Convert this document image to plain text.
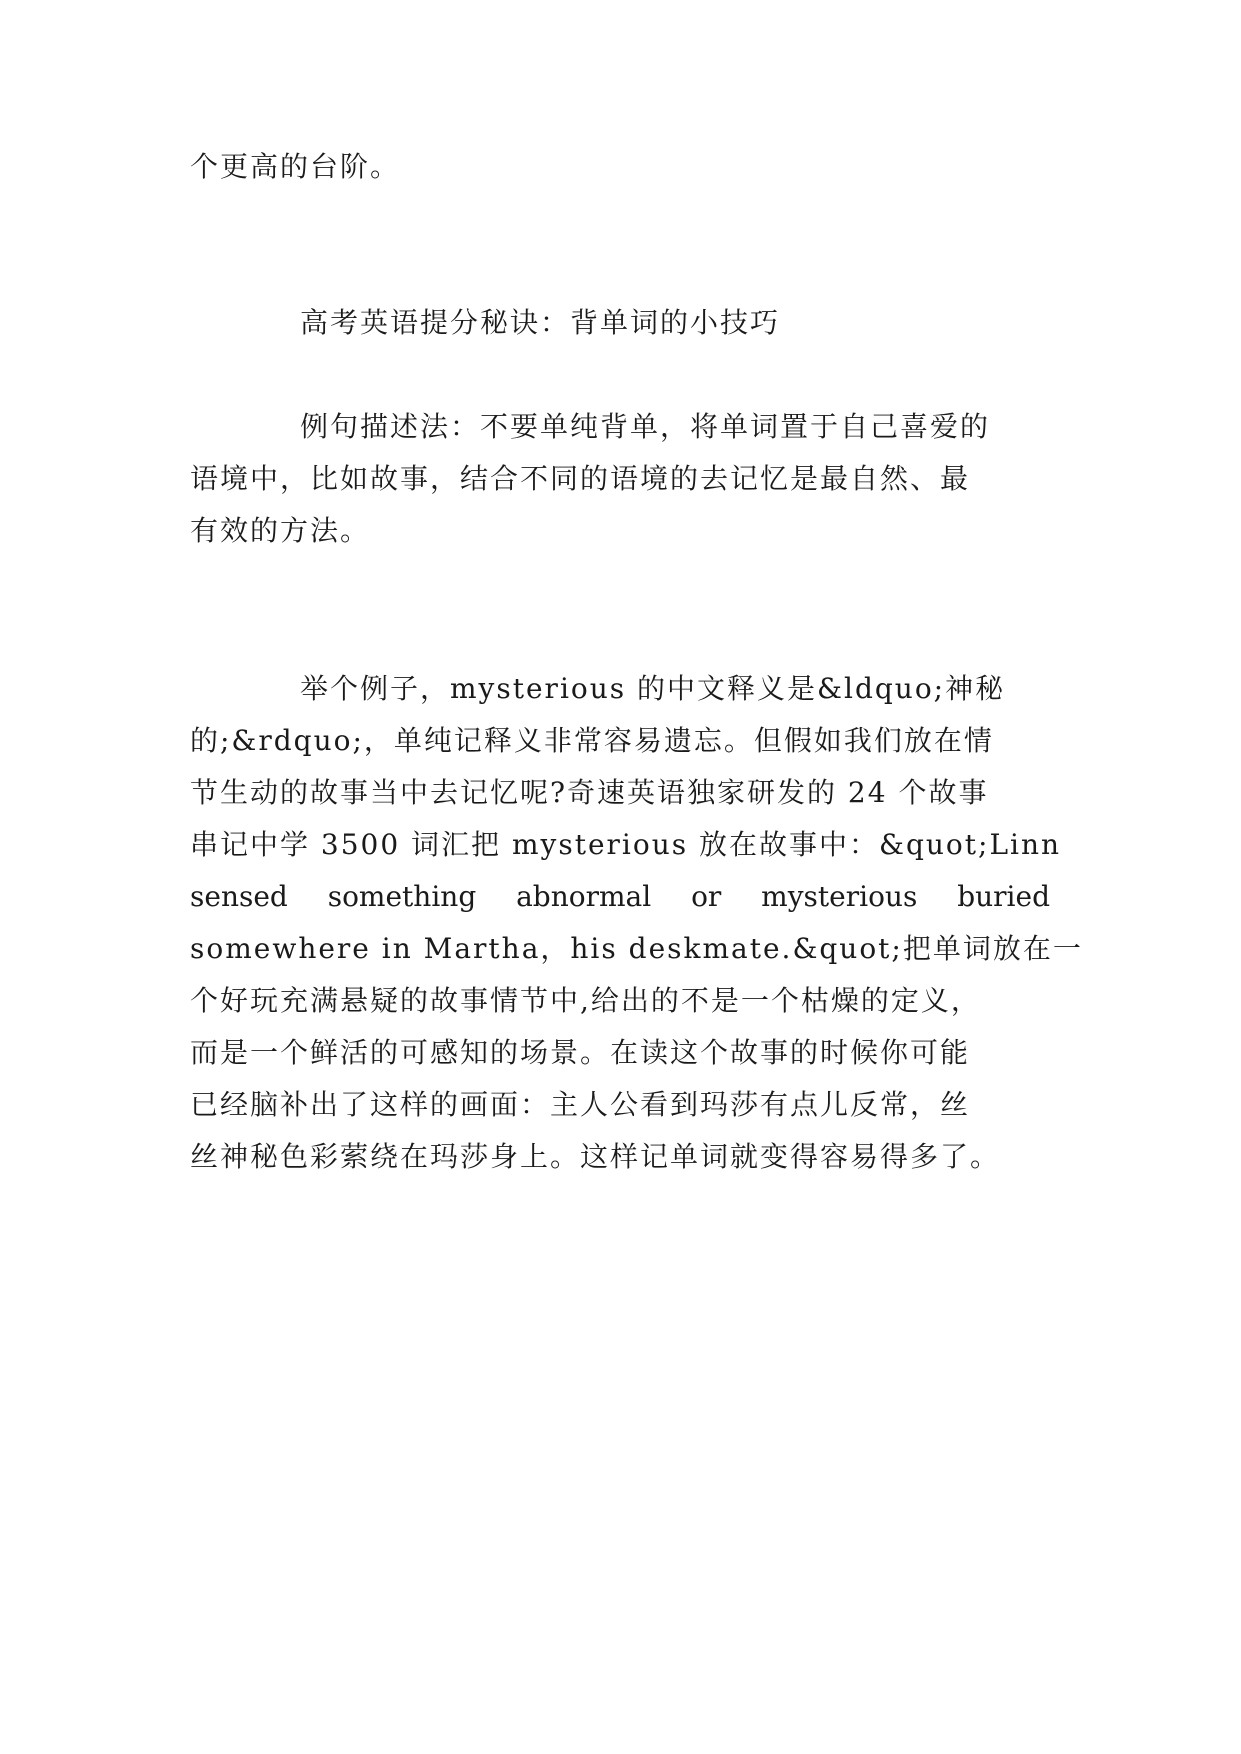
个更高的台阶。
高考英语提分秘诀：背单词的小技巧
例句描述法：不要单纯背单，将单词置于自己喜爱的
语境中，比如故事，结合不同的语境的去记忆是最自然、最
有效的方法。
举个例子，mysterious 的中文释义是&ldquo;神秘
的;&rdquo;，单纯记释义非常容易遗忘。但假如我们放在情
节生动的故事当中去记忆呢?奇速英语独家研发的 24 个故事
串记中学 3500 词汇把 mysterious 放在故事中：&quot;Linn
sensed something abnormal or mysterious buried
somewhere in Martha，his deskmate.&quot;把单词放在一
个好玩充满悬疑的故事情节中,给出的不是一个枯燥的定义，
而是一个鲜活的可感知的场景。在读这个故事的时候你可能
已经脑补出了这样的画面：主人公看到玛莎有点儿反常，丝
丝神秘色彩萦绕在玛莎身上。这样记单词就变得容易得多了。
